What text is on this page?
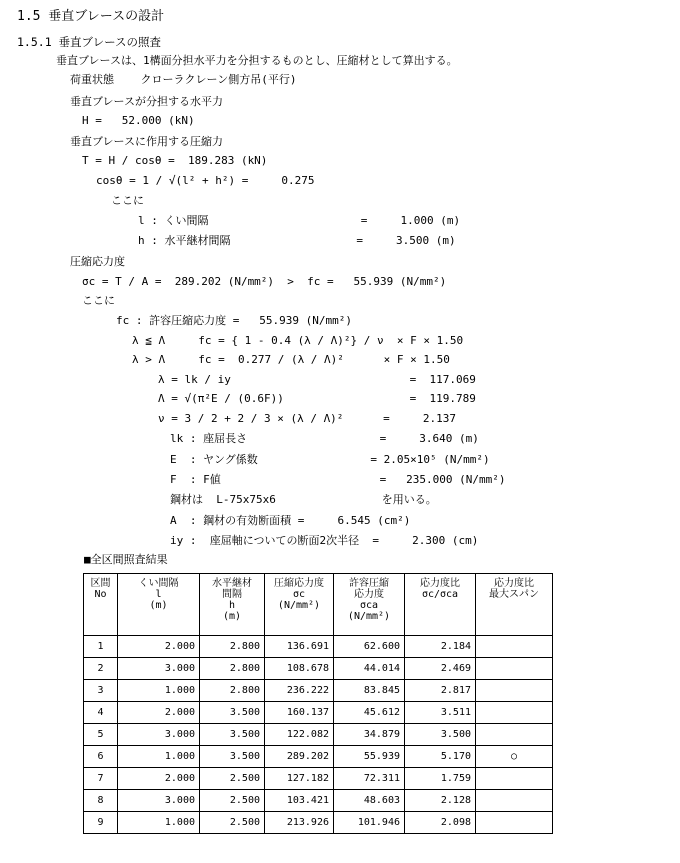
1.5 垂直ブレースの設計
1.5.1 垂直ブレースの照査
垂直ブレースは、1構面分担水平力を分担するものとし、圧縮材として算出する。
荷重状態    クローラクレーン側方吊(平行)
垂直ブレースが分担する水平力
H =   52.000 (kN)
垂直ブレースに作用する圧縮力
T = H / cosθ =  189.283 (kN)
cosθ = 1 / √(l² + h²) =     0.275
ここに
l : くい間隔                       =     1.000 (m)
h : 水平継材間隔                   =     3.500 (m)
圧縮応力度
σc = T / A =  289.202 (N/mm²)  >  fc =   55.939 (N/mm²)
ここに
fc : 許容圧縮応力度 =   55.939 (N/mm²)
λ ≦ Λ     fc = { 1 - 0.4 (λ / Λ)²} / ν  × F × 1.50
λ > Λ     fc =  0.277 / (λ / Λ)²      × F × 1.50
λ = lk / iy                           =  117.069
Λ = √(π²E / (0.6F))                   =  119.789
ν = 3 / 2 + 2 / 3 × (λ / Λ)²      =     2.137
lk : 座屈長さ                    =     3.640 (m)
E  : ヤング係数                 = 2.05×10⁵ (N/mm²)
F  : F値                        =   235.000 (N/mm²)
鋼材は  L-75x75x6                を用いる。
A  : 鋼材の有効断面積 =     6.545 (cm²)
iy :  座屈軸についての断面2次半径  =     2.300 (cm)
■全区間照査結果
区間
No	くい間隔
l
(m)	水平継材
間隔
h
(m)	圧縮応力度
σc
(N/mm²)	許容圧縮
応力度
σca
(N/mm²)	応力度比
σc/σca	応力度比
最大スパン

1	2.000	2.800	136.691	62.600	2.184	
2	3.000	2.800	108.678	44.014	2.469	
3	1.000	2.800	236.222	83.845	2.817	
4	2.000	3.500	160.137	45.612	3.511	
5	3.000	3.500	122.082	34.879	3.500	
6	1.000	3.500	289.202	55.939	5.170	○
7	2.000	2.500	127.182	72.311	1.759	
8	3.000	2.500	103.421	48.603	2.128	
9	1.000	2.500	213.926	101.946	2.098	
